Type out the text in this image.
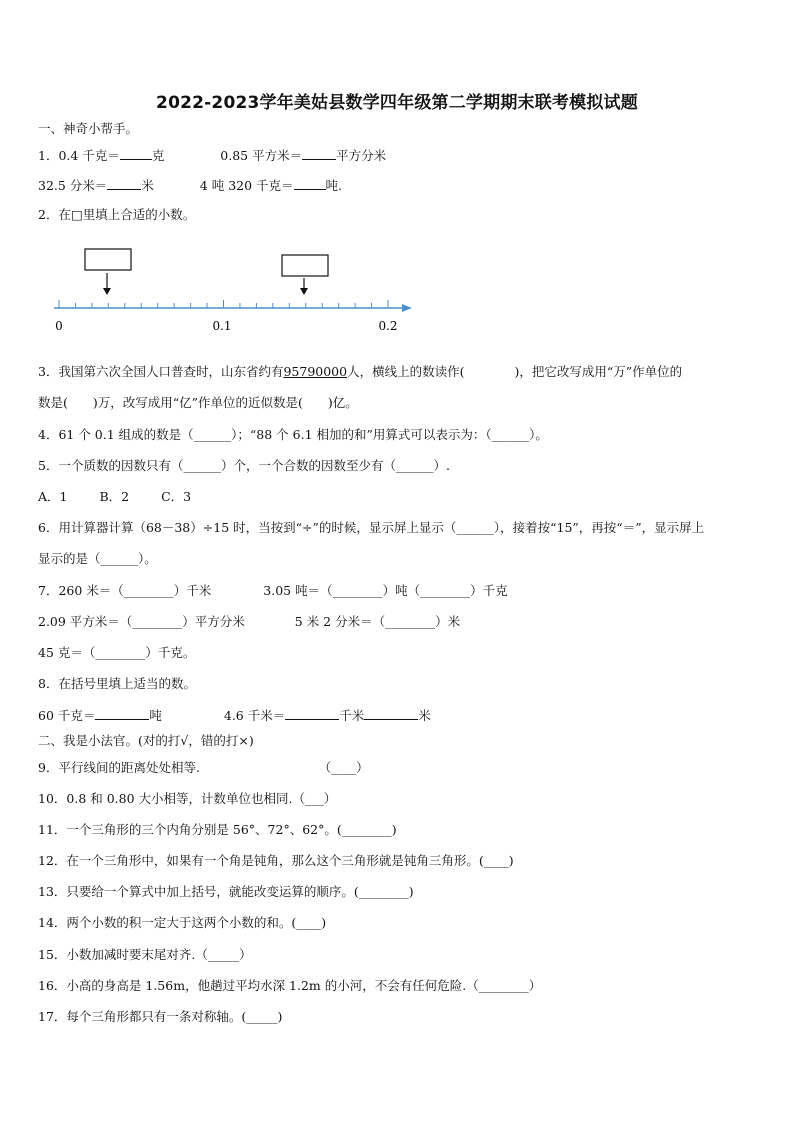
2022-2023学年美姑县数学四年级第二学期期末联考模拟试题
一、神奇小帮手。
1．0.4 千克＝	克	0.85 平方米＝	平方分米
32.5 分米＝	米	4 吨 320 千克＝	吨.
2．在□里填上合适的小数。
0	0.1	0.2
3．我国第六次全国人口普查时，山东省约有95790000人，横线上的数读作(　　　　)，把它改写成用“万”作单位的
数是(　　)万，改写成用“亿”作单位的近似数是(　　)亿。
4．61 个 0.1 组成的数是（______）；“88 个 6.1 相加的和”用算式可以表示为：（______）。
5．一个质数的因数只有（______）个，一个合数的因数至少有（______）.
A．1	B．2	C．3
6．用计算器计算（68－38）÷15 时，当按到“÷”的时候，显示屏上显示（______），接着按“15”，再按“＝”，显示屏上
显示的是（______）。
7．260 米＝（________）千米	3.05 吨＝（________）吨（________）千克
2.09 平方米＝（________）平方分米	5 米 2 分米＝（________）米
45 克＝（________）千克。
8．在括号里填上适当的数。
60 千克＝	吨	4.6 千米＝	千米	米
二、我是小法官。(对的打√，错的打×)
9．平行线间的距离处处相等.　　　　　　　　　　（____）
10．0.8 和 0.80 大小相等，计数单位也相同.（___）
11．一个三角形的三个内角分别是 56°、72°、62°。(________)
12．在一个三角形中，如果有一个角是钝角，那么这个三角形就是钝角三角形。(____)
13．只要给一个算式中加上括号，就能改变运算的顺序。(________)
14．两个小数的积一定大于这两个小数的和。(____)
15．小数加减时要末尾对齐.（_____）
16．小高的身高是 1.56m，他趟过平均水深 1.2m 的小河，不会有任何危险.（________）
17．每个三角形都只有一条对称轴。(_____)
